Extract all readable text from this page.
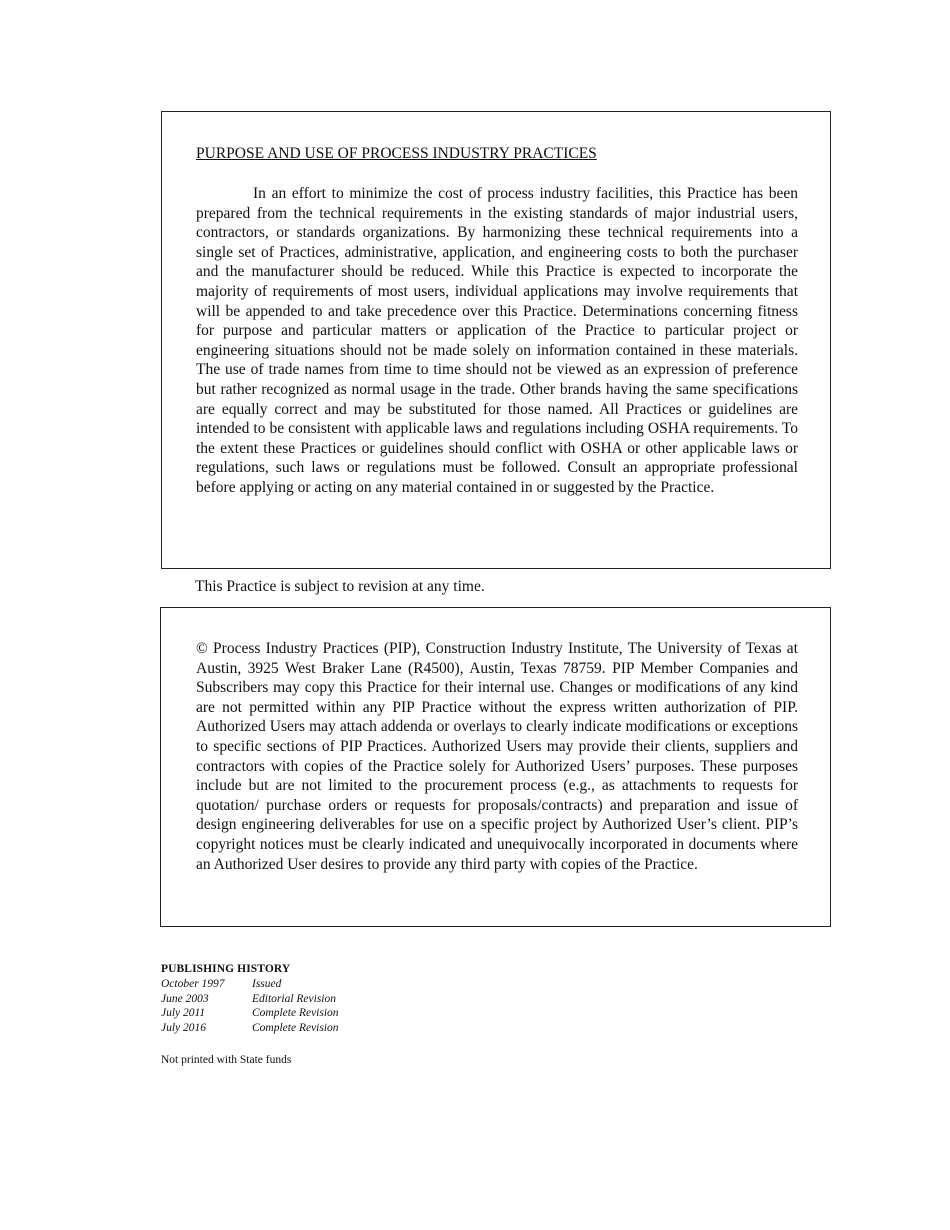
PURPOSE AND USE OF PROCESS INDUSTRY PRACTICES
In an effort to minimize the cost of process industry facilities, this Practice has been prepared from the technical requirements in the existing standards of major industrial users, contractors, or standards organizations. By harmonizing these technical requirements into a single set of Practices, administrative, application, and engineering costs to both the purchaser and the manufacturer should be reduced. While this Practice is expected to incorporate the majority of requirements of most users, individual applications may involve requirements that will be appended to and take precedence over this Practice. Determinations concerning fitness for purpose and particular matters or application of the Practice to particular project or engineering situations should not be made solely on information contained in these materials. The use of trade names from time to time should not be viewed as an expression of preference but rather recognized as normal usage in the trade. Other brands having the same specifications are equally correct and may be substituted for those named. All Practices or guidelines are intended to be consistent with applicable laws and regulations including OSHA requirements. To the extent these Practices or guidelines should conflict with OSHA or other applicable laws or regulations, such laws or regulations must be followed. Consult an appropriate professional before applying or acting on any material contained in or suggested by the Practice.
This Practice is subject to revision at any time.
© Process Industry Practices (PIP), Construction Industry Institute, The University of Texas at Austin, 3925 West Braker Lane (R4500), Austin, Texas 78759. PIP Member Companies and Subscribers may copy this Practice for their internal use. Changes or modifications of any kind are not permitted within any PIP Practice without the express written authorization of PIP. Authorized Users may attach addenda or overlays to clearly indicate modifications or exceptions to specific sections of PIP Practices. Authorized Users may provide their clients, suppliers and contractors with copies of the Practice solely for Authorized Users’ purposes. These purposes include but are not limited to the procurement process (e.g., as attachments to requests for quotation/ purchase orders or requests for proposals/contracts) and preparation and issue of design engineering deliverables for use on a specific project by Authorized User’s client. PIP’s copyright notices must be clearly indicated and unequivocally incorporated in documents where an Authorized User desires to provide any third party with copies of the Practice.
PUBLISHING HISTORY
October 1997	Issued
June 2003	Editorial Revision
July 2011	Complete Revision
July 2016	Complete Revision
Not printed with State funds
